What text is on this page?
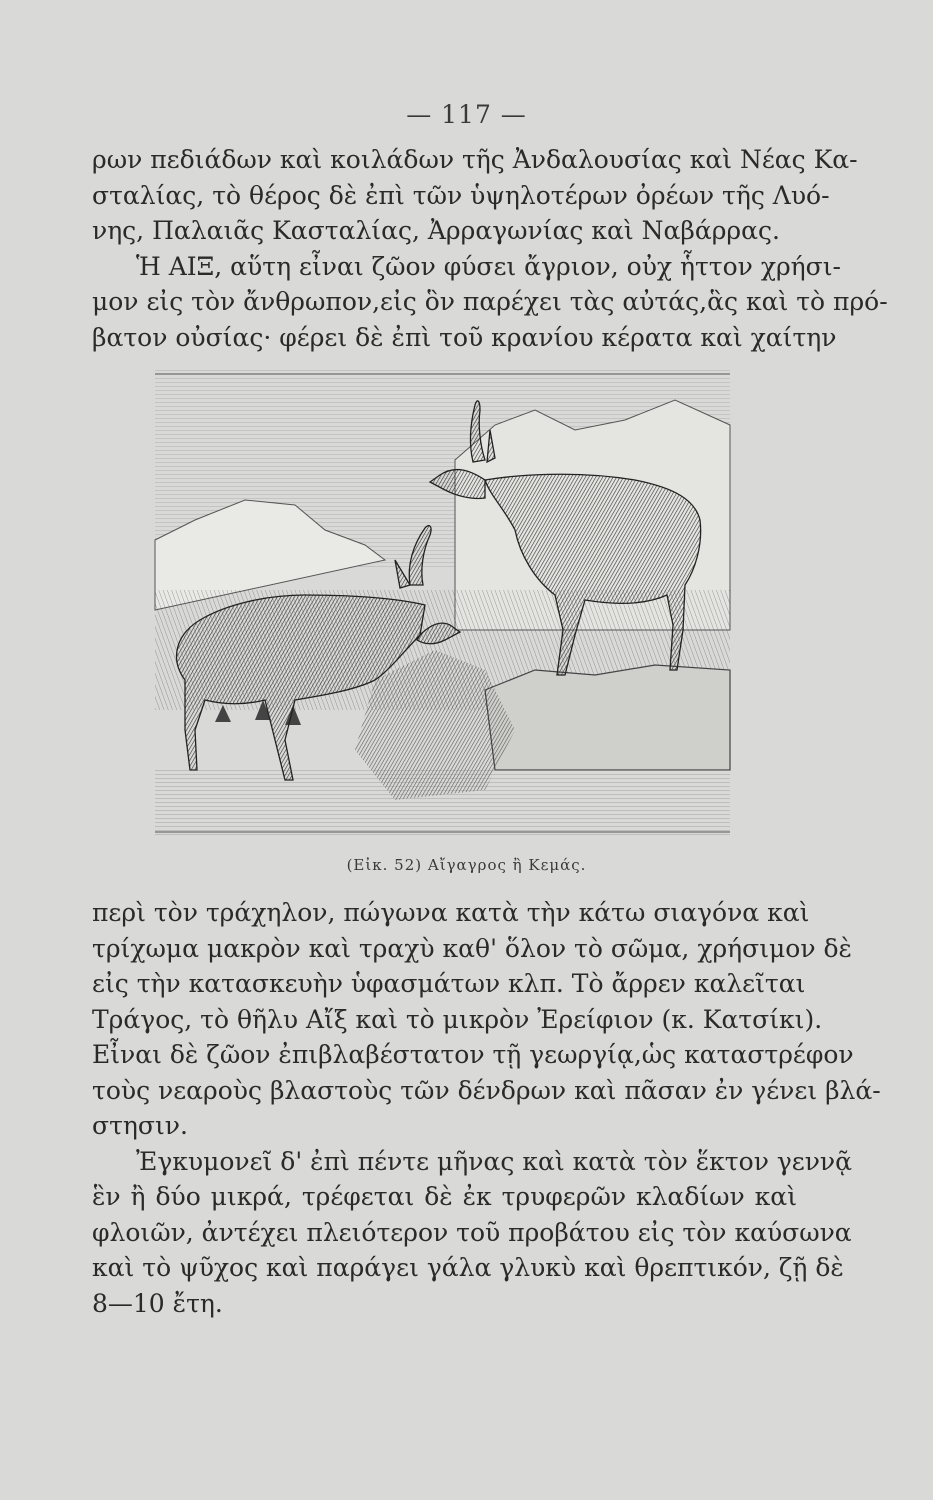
— 117 —
ρων πεδιάδων καὶ κοιλάδων τῆς Ἀνδαλουσίας καὶ Νέας Κα-
σταλίας, τὸ θέρος δὲ ἐπὶ τῶν ὑψηλοτέρων ὀρέων τῆς Λυό-
νης, Παλαιᾶς Κασταλίας, Ἀρραγωνίας καὶ Ναβάρρας.
Ἡ ΑΙΞ, αὕτη εἶναι ζῶον φύσει ἄγριον, οὐχ ἧττον χρήσι-
μον εἰς τὸν ἄνθρωπον,εἰς ὃν παρέχει τὰς αὐτάς,ἃς καὶ τὸ πρό-
βατον οὐσίας· φέρει δὲ ἐπὶ τοῦ κρανίου κέρατα καὶ χαίτην
(Εἰκ. 52) Αἴγαγρος ἢ Κεμάς.
περὶ τὸν τράχηλον, πώγωνα κατὰ τὴν κάτω σιαγόνα καὶ
τρίχωμα μακρὸν καὶ τραχὺ καθ' ὅλον τὸ σῶμα, χρήσιμον δὲ
εἰς τὴν κατασκευὴν ὑφασμάτων κλπ. Τὸ ἄρρεν καλεῖται
Τράγος, τὸ θῆλυ Αἴξ καὶ τὸ μικρὸν Ἐρείφιον (κ. Κατσίκι).
Εἶναι δὲ ζῶον ἐπιβλαβέστατον τῇ γεωργίᾳ,ὡς καταστρέφον
τοὺς νεαροὺς βλαστοὺς τῶν δένδρων καὶ πᾶσαν ἐν γένει βλά-
στησιν.
Ἐγκυμονεῖ δ' ἐπὶ πέντε μῆνας καὶ κατὰ τὸν ἕκτον γεννᾷ
ἓν ἢ δύο μικρά, τρέφεται δὲ ἐκ τρυφερῶν κλαδίων καὶ
φλοιῶν, ἀντέχει πλειότερον τοῦ προβάτου εἰς τὸν καύσωνα
καὶ τὸ ψῦχος καὶ παράγει γάλα γλυκὺ καὶ θρεπτικόν, ζῇ δὲ
8—10 ἔτη.
